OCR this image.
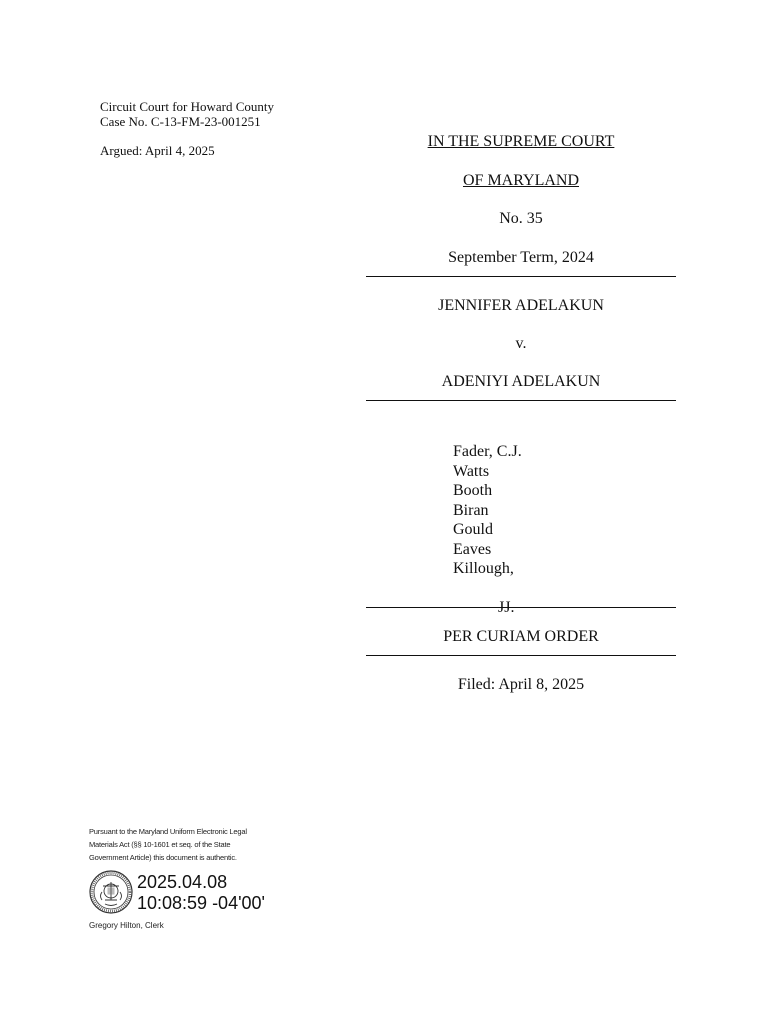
Circuit Court for Howard County
Case No. C-13-FM-23-001251
Argued: April 4, 2025
IN THE SUPREME COURT
OF MARYLAND
No. 35
September Term, 2024
JENNIFER ADELAKUN
v.
ADENIYI ADELAKUN
PER CURIAM ORDER
Filed: April 8, 2025
Fader, C.J.
Watts
Booth
Biran
Gould
Eaves
Killough,
JJ.
Pursuant to the Maryland Uniform Electronic Legal
Materials Act (§§ 10-1601 et seq. of the State
Government Article) this document is authentic.
2025.04.08
10:08:59 -04'00'
Gregory Hilton, Clerk
